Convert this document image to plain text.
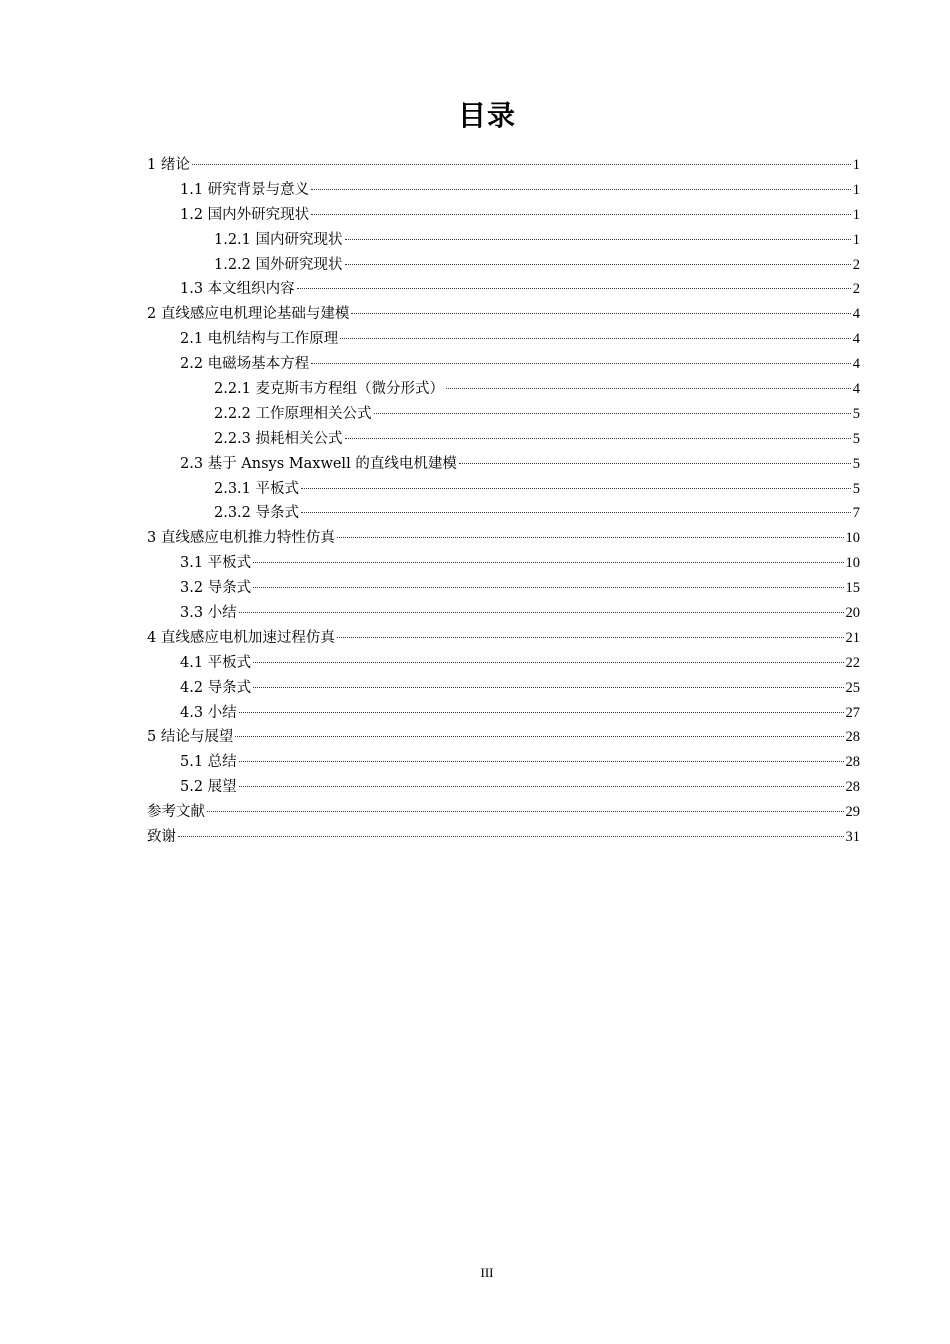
目录
1 绪论	1
1.1 研究背景与意义	1
1.2 国内外研究现状	1
1.2.1 国内研究现状	1
1.2.2 国外研究现状	2
1.3 本文组织内容	2
2 直线感应电机理论基础与建模	4
2.1 电机结构与工作原理	4
2.2 电磁场基本方程	4
2.2.1 麦克斯韦方程组（微分形式）	4
2.2.2 工作原理相关公式	5
2.2.3 损耗相关公式	5
2.3 基于 Ansys Maxwell 的直线电机建模	5
2.3.1 平板式	5
2.3.2 导条式	7
3 直线感应电机推力特性仿真	10
3.1 平板式	10
3.2 导条式	15
3.3 小结	20
4 直线感应电机加速过程仿真	21
4.1 平板式	22
4.2 导条式	25
4.3 小结	27
5 结论与展望	28
5.1 总结	28
5.2 展望	28
参考文献	29
致谢	31
III
